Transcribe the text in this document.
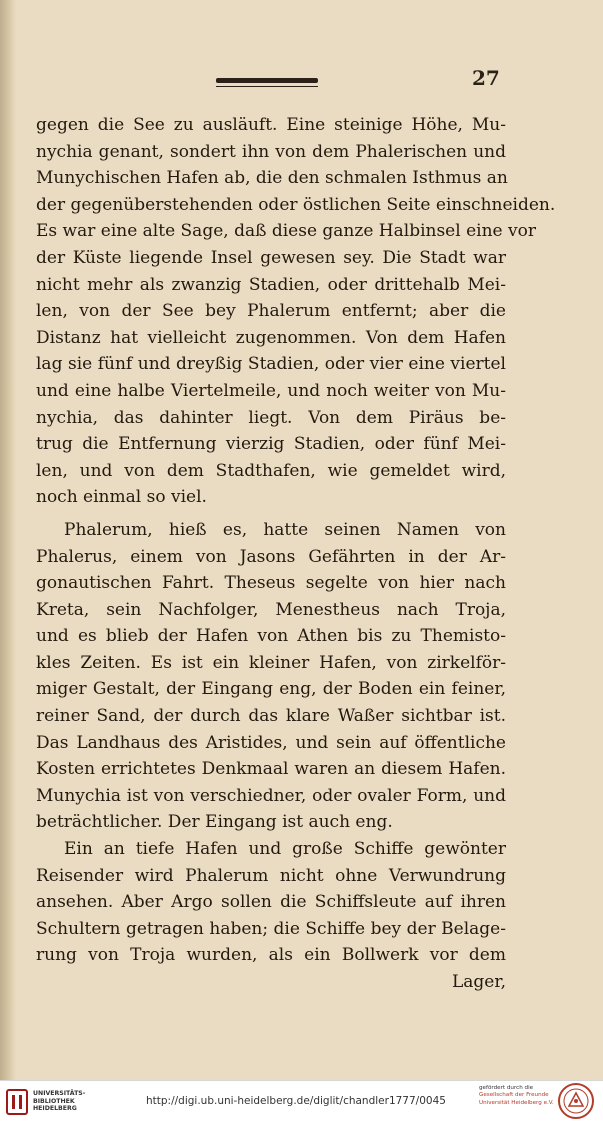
27
gegen die See zu ausläuft. Eine steinige Höhe, Mu-
nychia genant, sondert ihn von dem Phalerischen und
Munychischen Hafen ab, die den schmalen Isthmus an
der gegenüberstehenden oder östlichen Seite einschneiden.
Es war eine alte Sage, daß diese ganze Halbinsel eine vor
der Küste liegende Insel gewesen sey. Die Stadt war
nicht mehr als zwanzig Stadien, oder drittehalb Mei-
len, von der See bey Phalerum entfernt; aber die
Distanz hat vielleicht zugenommen. Von dem Hafen
lag sie fünf und dreyßig Stadien, oder vier eine viertel
und eine halbe Viertelmeile, und noch weiter von Mu-
nychia, das dahinter liegt. Von dem Piräus be-
trug die Entfernung vierzig Stadien, oder fünf Mei-
len, und von dem Stadthafen, wie gemeldet wird,
noch einmal so viel.
Phalerum, hieß es, hatte seinen Namen von
Phalerus, einem von Jasons Gefährten in der Ar-
gonautischen Fahrt. Theseus segelte von hier nach
Kreta, sein Nachfolger, Menestheus nach Troja,
und es blieb der Hafen von Athen bis zu Themisto-
kles Zeiten. Es ist ein kleiner Hafen, von zirkelför-
miger Gestalt, der Eingang eng, der Boden ein feiner,
reiner Sand, der durch das klare Waßer sichtbar ist.
Das Landhaus des Aristides, und sein auf öffentliche
Kosten errichtetes Denkmaal waren an diesem Hafen.
Munychia ist von verschiedner, oder ovaler Form, und
beträchtlicher. Der Eingang ist auch eng.
Ein an tiefe Hafen und große Schiffe gewönter
Reisender wird Phalerum nicht ohne Verwundrung
ansehen. Aber Argo sollen die Schiffsleute auf ihren
Schultern getragen haben; die Schiffe bey der Belage-
rung von Troja wurden, als ein Bollwerk vor dem
Lager,
UNIVERSITÄTS-
BIBLIOTHEK
HEIDELBERG
http://digi.ub.uni-heidelberg.de/diglit/chandler1777/0045
gefördert durch die
Gesellschaft der Freunde
Universität Heidelberg e.V.
